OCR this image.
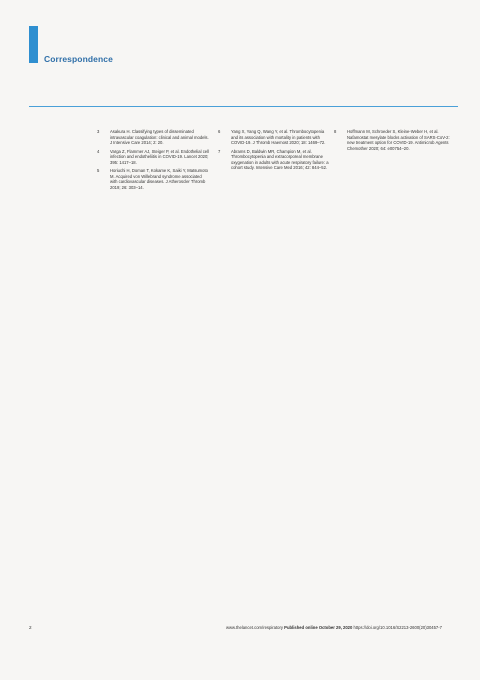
Correspondence
3	Asakura H. Classifying types of disseminated intravascular coagulation: clinical and animal models. J Intensive Care 2014; 2: 20.
4	Varga Z, Flammer AJ, Steiger P, et al. Endothelial cell infection and endotheliitis in COVID-19. Lancet 2020; 395: 1417–18.
5	Horiuchi H, Doman T, Kokame K, Saiki Y, Matsumoto M. Acquired von Willebrand syndrome associated with cardiovascular diseases. J Atheroscler Thromb 2019; 26: 303–14.
6	Yang X, Yang Q, Wang Y, et al. Thrombocytopenia and its association with mortality in patients with COVID-19. J Thromb Haemost 2020; 18: 1469–72.
7	Abrams D, Baldwin MR, Champion M, et al. Thrombocytopenia and extracorporeal membrane oxygenation in adults with acute respiratory failure: a cohort study. Intensive Care Med 2016; 42: 844–52.
8	Hoffmann M, Schroeder S, Kleine-Weber H, et al. Nafamostat mesylate blocks activation of SARS-CoV-2: new treatment option for COVID-19. Antimicrob Agents Chemother 2020; 64: e00754–20.
2	www.thelancet.com/respiratory Published online October 29, 2020 https://doi.org/10.1016/S2213-2600(20)30457-7
